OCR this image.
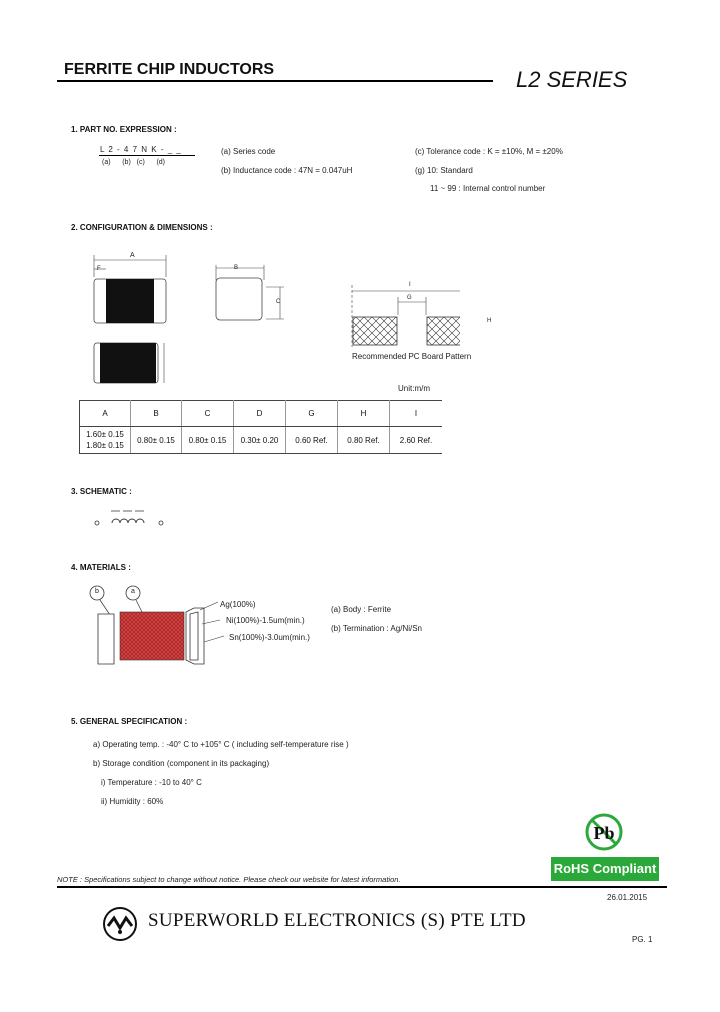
FERRITE CHIP INDUCTORS	L2 SERIES
1. PART NO. EXPRESSION :
L 2 - 4 7 N K - _ _
(a)      (b)   (c)      (d)
(a) Series code
(b) Inductance code : 47N = 0.047uH
(c) Tolerance code : K = ±10%, M = ±20%
(g) 10: Standard
11 ~ 99 : Internal control number
2. CONFIGURATION & DIMENSIONS :
A
F	B
C
I
G
H
Recommended PC Board Pattern
Unit:m/m
A	B	C	D	G	H	I

1.60± 0.15
1.80± 0.15	0.80± 0.15	0.80± 0.15	0.30± 0.20	0.60 Ref.	0.80 Ref.	2.60 Ref.
3. SCHEMATIC :
4. MATERIALS :
b	a
Ag(100%)
Ni(100%)-1.5um(min.)
Sn(100%)-3.0um(min.)
(a) Body : Ferrite
(b) Termination : Ag/Ni/Sn
5. GENERAL SPECIFICATION :
a) Operating temp. : -40° C to +105° C ( including self-temperature rise )
b) Storage condition (component in its packaging)
i) Temperature : -10 to 40° C
ii) Humidity : 60%
Pb
RoHS Compliant
NOTE : Specifications subject to change without notice. Please check our website for latest information.
26.01.2015
SUPERWORLD ELECTRONICS (S) PTE LTD
PG. 1
